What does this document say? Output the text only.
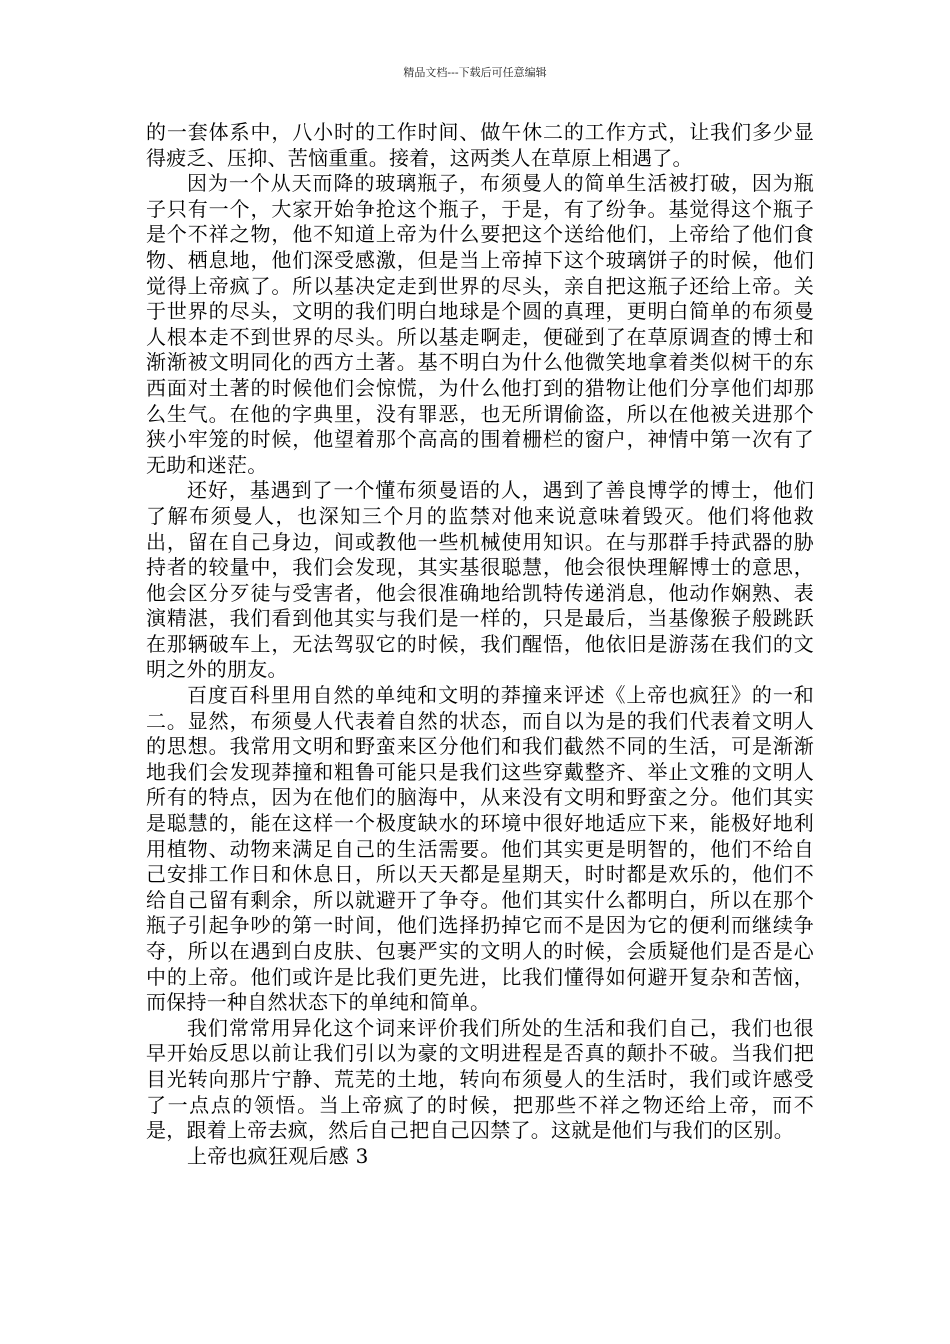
精品文档---下载后可任意编辑

的一套体系中，八小时的工作时间、做午休二的工作方式，让我们多少显得疲乏、压抑、苦恼重重。接着，这两类人在草原上相遇了。

因为一个从天而降的玻璃瓶子，布须曼人的简单生活被打破，因为瓶子只有一个，大家开始争抢这个瓶子，于是，有了纷争。基觉得这个瓶子是个不祥之物，他不知道上帝为什么要把这个送给他们，上帝给了他们食物、栖息地，他们深受感激，但是当上帝掉下这个玻璃饼子的时候，他们觉得上帝疯了。所以基决定走到世界的尽头，亲自把这瓶子还给上帝。关于世界的尽头，文明的我们明白地球是个圆的真理，更明白简单的布须曼人根本走不到世界的尽头。所以基走啊走，便碰到了在草原调查的博士和渐渐被文明同化的西方土著。基不明白为什么他微笑地拿着类似树干的东西面对土著的时候他们会惊慌，为什么他打到的猎物让他们分享他们却那么生气。在他的字典里，没有罪恶，也无所谓偷盗，所以在他被关进那个狭小牢笼的时候，他望着那个高高的围着栅栏的窗户，神情中第一次有了无助和迷茫。

还好，基遇到了一个懂布须曼语的人，遇到了善良博学的博士，他们了解布须曼人，也深知三个月的监禁对他来说意味着毁灭。他们将他救出，留在自己身边，间或教他一些机械使用知识。在与那群手持武器的胁持者的较量中，我们会发现，其实基很聪慧，他会很快理解博士的意思，他会区分歹徒与受害者，他会很准确地给凯特传递消息，他动作娴熟、表演精湛，我们看到他其实与我们是一样的，只是最后，当基像猴子般跳跃在那辆破车上，无法驾驭它的时候，我们醒悟，他依旧是游荡在我们的文明之外的朋友。

百度百科里用自然的单纯和文明的莽撞来评述《上帝也疯狂》的一和二。显然，布须曼人代表着自然的状态，而自以为是的我们代表着文明人的思想。我常用文明和野蛮来区分他们和我们截然不同的生活，可是渐渐地我们会发现莽撞和粗鲁可能只是我们这些穿戴整齐、举止文雅的文明人所有的特点，因为在他们的脑海中，从来没有文明和野蛮之分。他们其实是聪慧的，能在这样一个极度缺水的环境中很好地适应下来，能极好地利用植物、动物来满足自己的生活需要。他们其实更是明智的，他们不给自己安排工作日和休息日，所以天天都是星期天，时时都是欢乐的，他们不给自己留有剩余，所以就避开了争夺。他们其实什么都明白，所以在那个瓶子引起争吵的第一时间，他们选择扔掉它而不是因为它的便利而继续争夺，所以在遇到白皮肤、包裹严实的文明人的时候，会质疑他们是否是心中的上帝。他们或许是比我们更先进，比我们懂得如何避开复杂和苦恼，而保持一种自然状态下的单纯和简单。

我们常常用异化这个词来评价我们所处的生活和我们自己，我们也很早开始反思以前让我们引以为豪的文明进程是否真的颠扑不破。当我们把目光转向那片宁静、荒芜的土地，转向布须曼人的生活时，我们或许感受了一点点的领悟。当上帝疯了的时候，把那些不祥之物还给上帝，而不是，跟着上帝去疯，然后自己把自己囚禁了。这就是他们与我们的区别。

上帝也疯狂观后感 3
